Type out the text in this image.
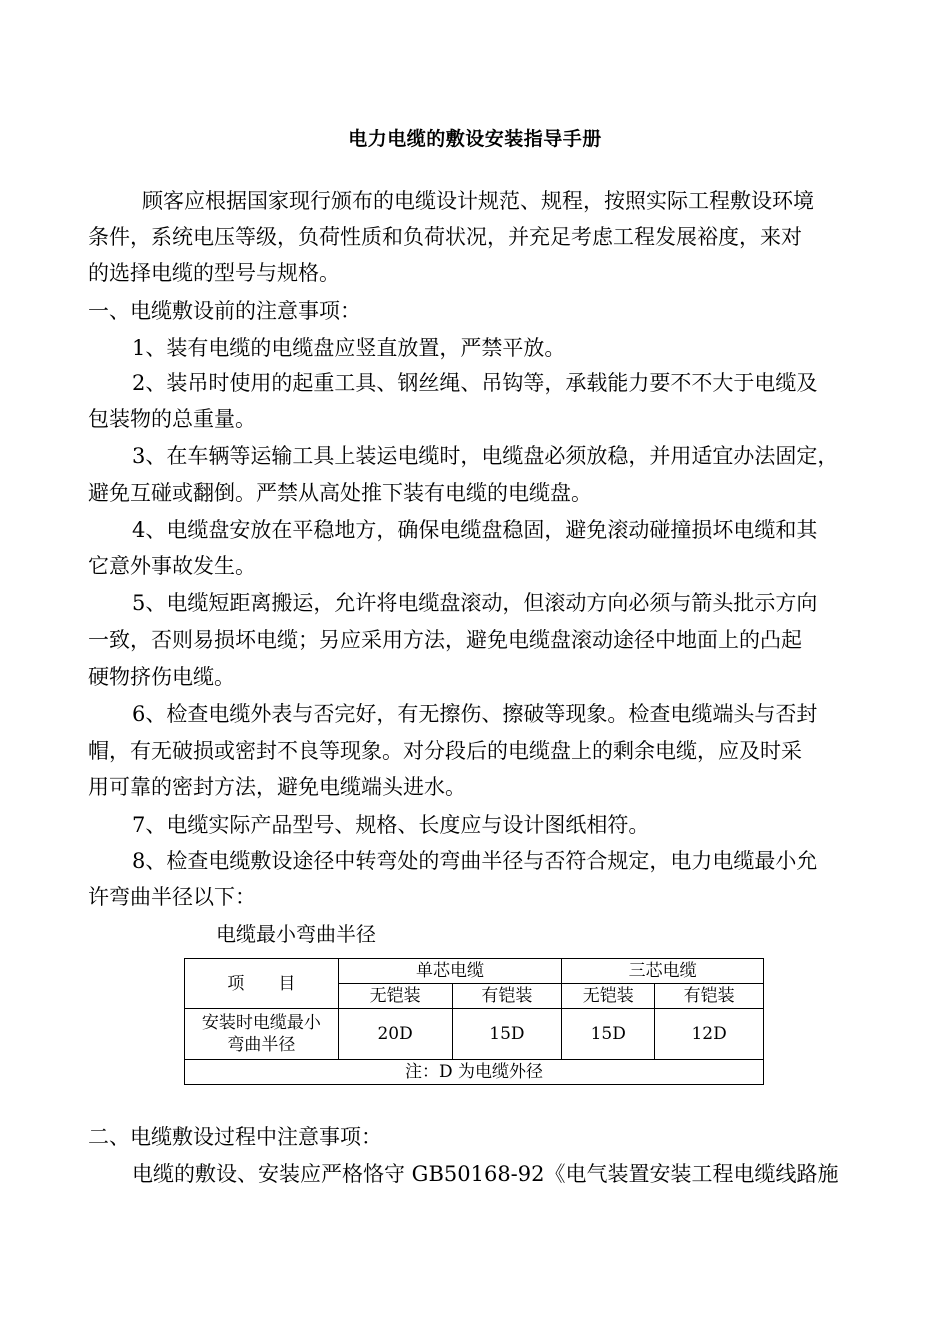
电力电缆的敷设安装指导手册
顾客应根据国家现行颁布的电缆设计规范、规程，按照实际工程敷设环境
条件，系统电压等级，负荷性质和负荷状况，并充足考虑工程发展裕度，来对
的选择电缆的型号与规格。
一、电缆敷设前的注意事项：
1、装有电缆的电缆盘应竖直放置，严禁平放。
2、装吊时使用的起重工具、钢丝绳、吊钩等，承载能力要不不大于电缆及
包装物的总重量。
3、在车辆等运输工具上装运电缆时，电缆盘必须放稳，并用适宜办法固定，
避免互碰或翻倒。严禁从高处推下装有电缆的电缆盘。
4、电缆盘安放在平稳地方，确保电缆盘稳固，避免滚动碰撞损坏电缆和其
它意外事故发生。
5、电缆短距离搬运，允许将电缆盘滚动，但滚动方向必须与箭头批示方向
一致，否则易损坏电缆；另应采用方法，避免电缆盘滚动途径中地面上的凸起
硬物挤伤电缆。
6、检查电缆外表与否完好，有无擦伤、擦破等现象。检查电缆端头与否封
帽，有无破损或密封不良等现象。对分段后的电缆盘上的剩余电缆，应及时采
用可靠的密封方法，避免电缆端头进水。
7、电缆实际产品型号、规格、长度应与设计图纸相符。
8、检查电缆敷设途径中转弯处的弯曲半径与否符合规定，电力电缆最小允
许弯曲半径以下：
电缆最小弯曲半径
项　　目	单芯电缆		三芯电缆	
	无铠装	有铠装	无铠装	有铠装

安装时电缆最小
弯曲半径	20D	15D	15D	12D
注：D 为电缆外径				
二、电缆敷设过程中注意事项：
电缆的敷设、安装应严格恪守 GB50168-92《电气装置安装工程电缆线路施
